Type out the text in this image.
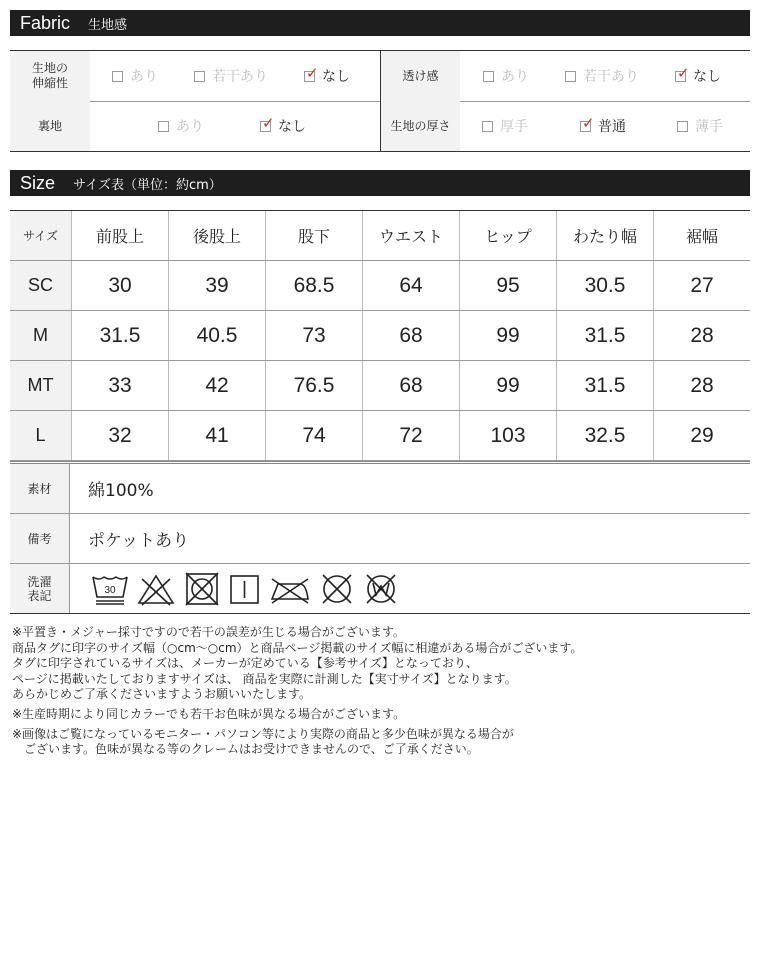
Fabric 生地感
生地の
伸縮性	あり	若干あり	✓ なし	透け感	あり	若干あり	✓ なし
裏地	あり	✓ なし	生地の厚さ	厚手	✓ 普通	薄手
Size サイズ表（単位：約cm）
サイズ 前股上	後股上	股下	ウエスト	ヒップ	わたり幅	裾幅
SC	30	39	68.5	64	95	30.5	27
M 31.5	40.5	73	68	99	31.5	28
MT	33	42	76.5	68	99	31.5	28
L	32	41	74	72	103	32.5	29
素材 綿100%
備考 ポケットあり
洗濯
表記	30

※平置き・メジャー採寸ですので若干の誤差が生じる場合がございます。

商品タグに印字のサイズ幅（○cm〜○cm）と商品ページ掲載のサイズ幅に相違がある場合がございます。

タグに印字されているサイズは、メーカーが定めている【参考サイズ】となっており、

ページに掲載いたしておりますサイズは、 商品を実際に計測した【実寸サイズ】となります。

あらかじめご了承くださいますようお願いいたします。

※生産時期により同じカラーでも若干お色味が異なる場合がございます。

※画像はご覧になっているモニター・パソコン等により実際の商品と多少色味が異なる場合が

　ございます。色味が異なる等のクレームはお受けできませんので、ご了承ください。
